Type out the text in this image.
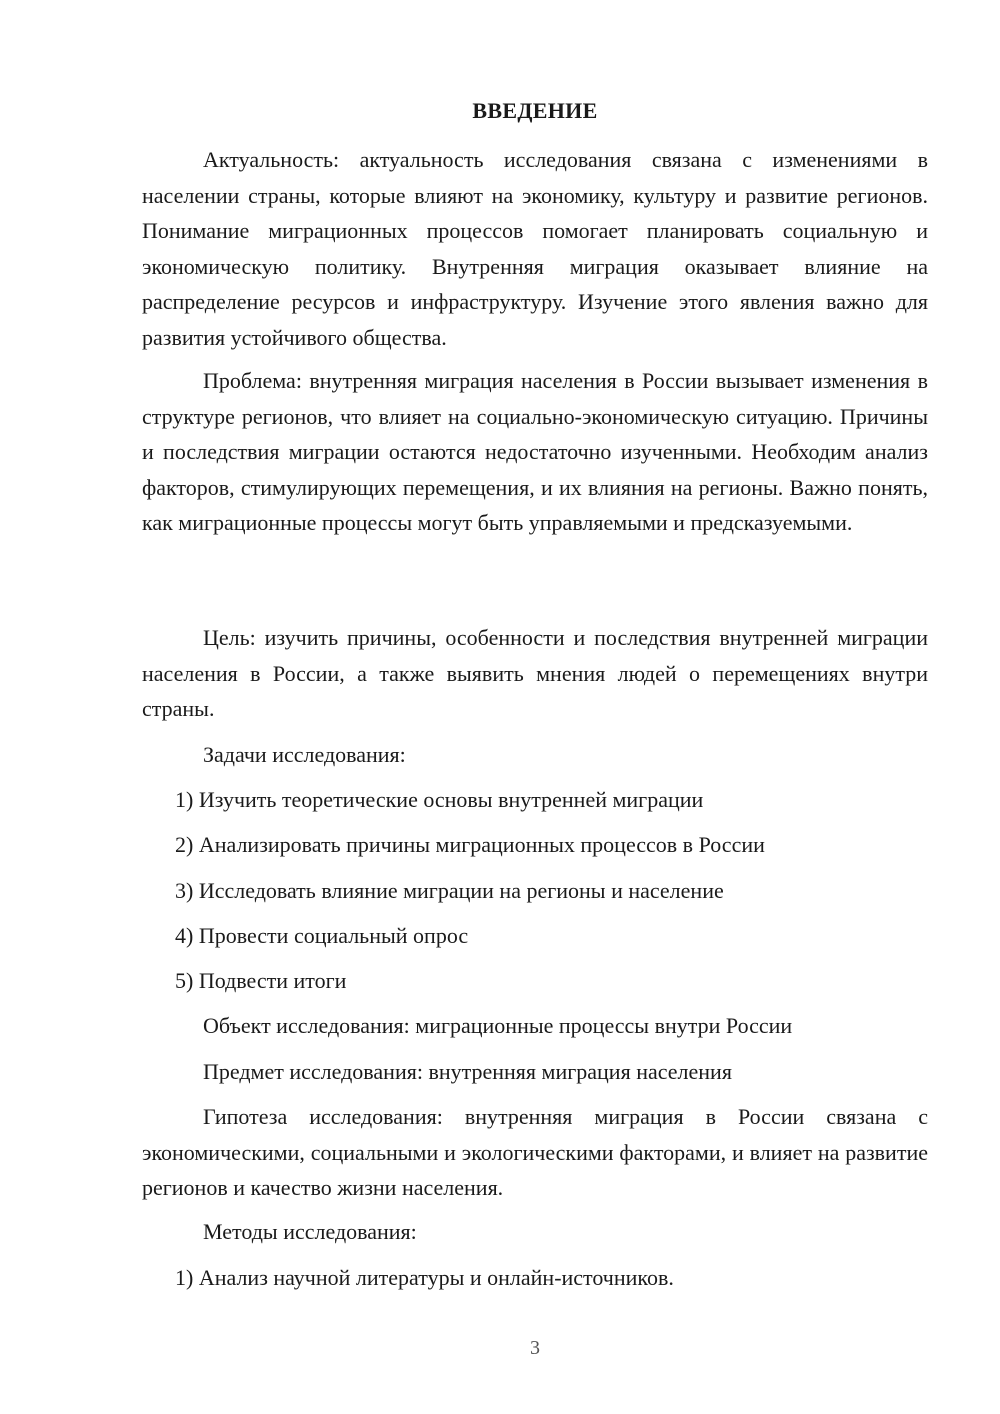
ВВЕДЕНИЕ

Актуальность: актуальность исследования связана с изменениями в населении страны, которые влияют на экономику, культуру и развитие регионов. Понимание миграционных процессов помогает планировать социальную и экономическую политику. Внутренняя миграция оказывает влияние на распределение ресурсов и инфраструктуру. Изучение этого явления важно для развития устойчивого общества.

Проблема: внутренняя миграция населения в России вызывает изменения в структуре регионов, что влияет на социально-экономическую ситуацию. Причины и последствия миграции остаются недостаточно изученными. Необходим анализ факторов, стимулирующих перемещения, и их влияния на регионы. Важно понять, как миграционные процессы могут быть управляемыми и предсказуемыми.

Цель: изучить причины, особенности и последствия внутренней миграции населения в России, а также выявить мнения людей о перемещениях внутри страны.

Задачи исследования:
1) Изучить теоретические основы внутренней миграции
2) Анализировать причины миграционных процессов в России
3) Исследовать влияние миграции на регионы и население
4) Провести социальный опрос
5) Подвести итоги
Объект исследования: миграционные процессы внутри России
Предмет исследования: внутренняя миграция населения

Гипотеза исследования: внутренняя миграция в России связана с экономическими, социальными и экологическими факторами, и влияет на развитие регионов и качество жизни населения.

Методы исследования:
1) Анализ научной литературы и онлайн-источников.
3
